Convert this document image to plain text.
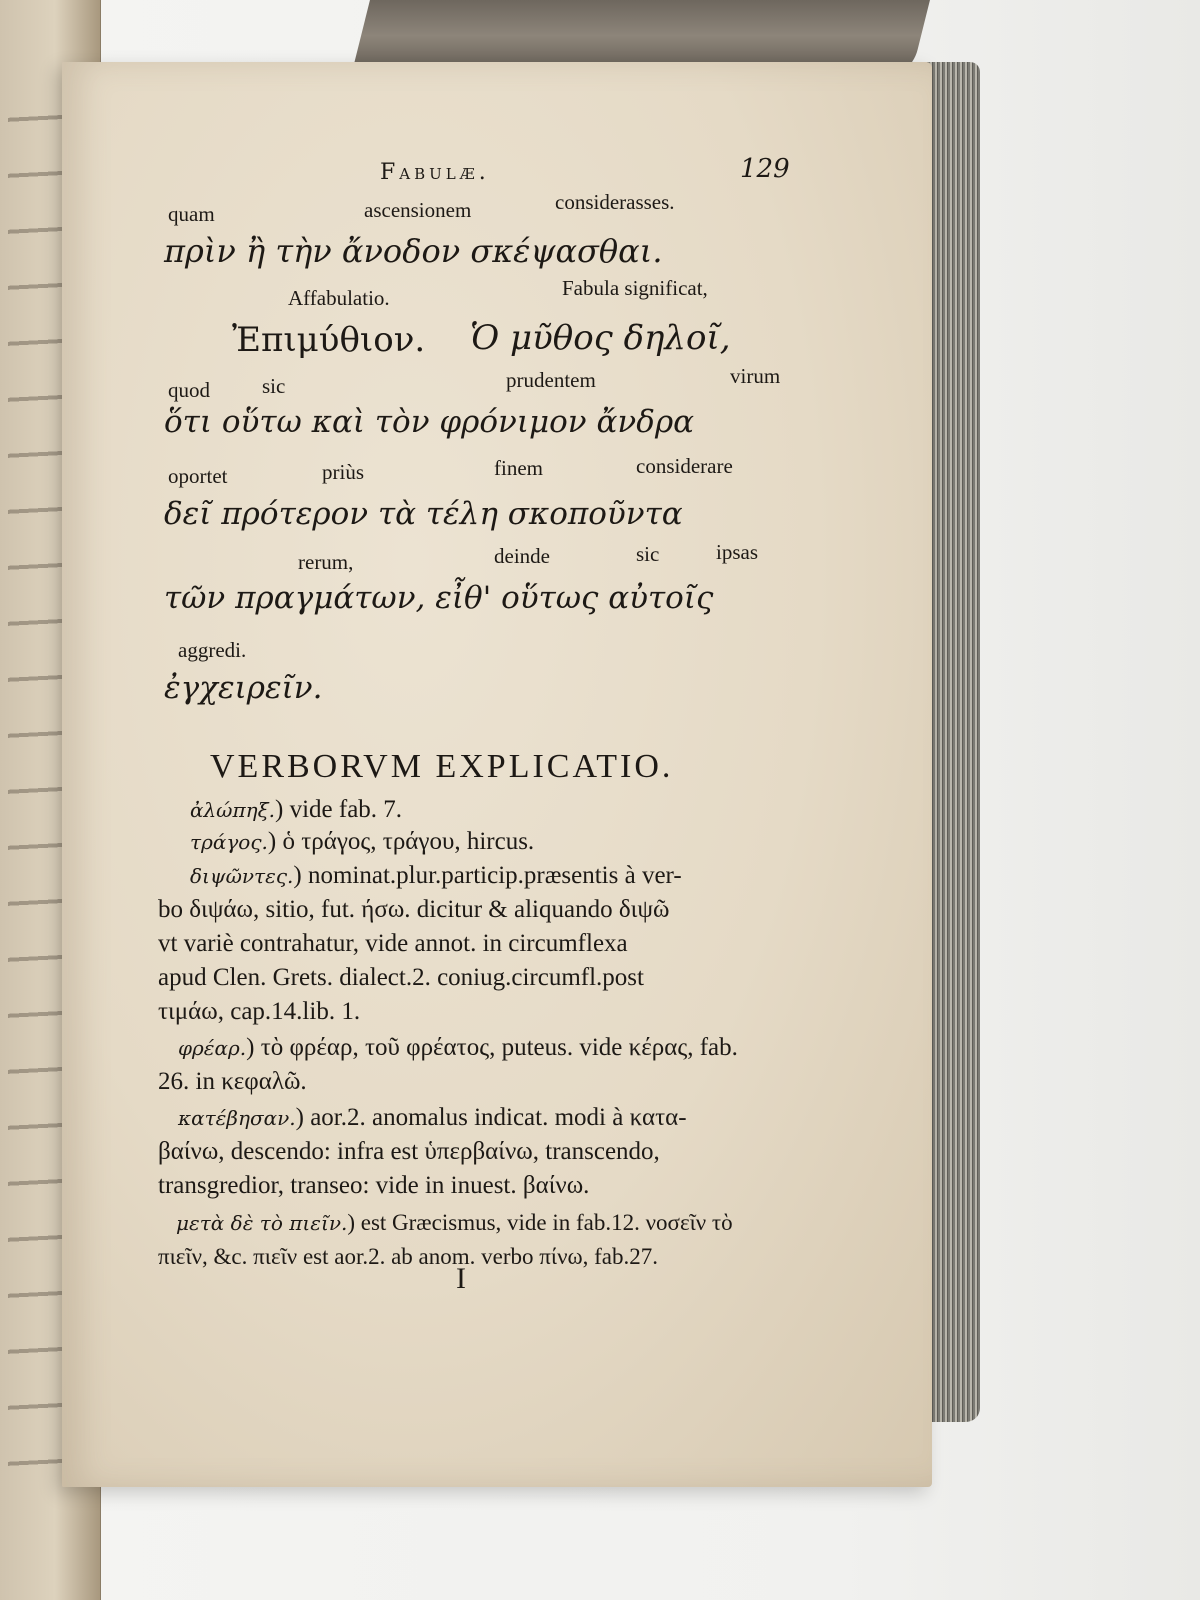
Fabulæ.	129
quam	ascensionem	considerasses.
πρὶν ἢ τὴν ἄνοδον σκέψασθαι.
Affabulatio.	Fabula significat,
Ἐπιμύθιον. Ὁ μῦθος δηλοῖ,
quod sic	prudentem	virum
ὅτι οὕτω καὶ τὸν φρόνιμον ἄνδρα
oportet	priùs	finem	considerare
δεῖ πρότερον τὰ τέλη σκοποῦντα
rerum,	deinde	sic	ipsas
τῶν πραγμάτων, εἶθ' οὕτως αὐτοῖς
aggredi.
ἐγχειρεῖν.
VERBORVM EXPLICATIO.
ἀλώπηξ.) vide fab. 7.
τράγος.) ὁ τράγος, τράγου, hircus.
διψῶντες.) nominat.plur.particip.præsentis à ver-
bo διψάω, sitio, fut. ήσω. dicitur & aliquando διψῶ
vt variè contrahatur, vide annot. in circumflexa
apud Clen. Grets. dialect.2. coniug.circumfl.post
τιμάω, cap.14.lib. 1.
φρέαρ.) τὸ φρέαρ, τοῦ φρέατος, puteus. vide κέρας, fab.
26. in κεφαλῶ.
κατέβησαν.) aor.2. anomalus indicat. modi à κατα-
βαίνω, descendo: infra est ὑπερβαίνω, transcendo,
transgredior, transeo: vide in inuest. βαίνω.
μετὰ δὲ τὸ πιεῖν.) est Græcismus, vide in fab.12. νοσεῖν τὸ
πιεῖν, &c. πιεῖν est aor.2. ab anom. verbo πίνω, fab.27.
I
